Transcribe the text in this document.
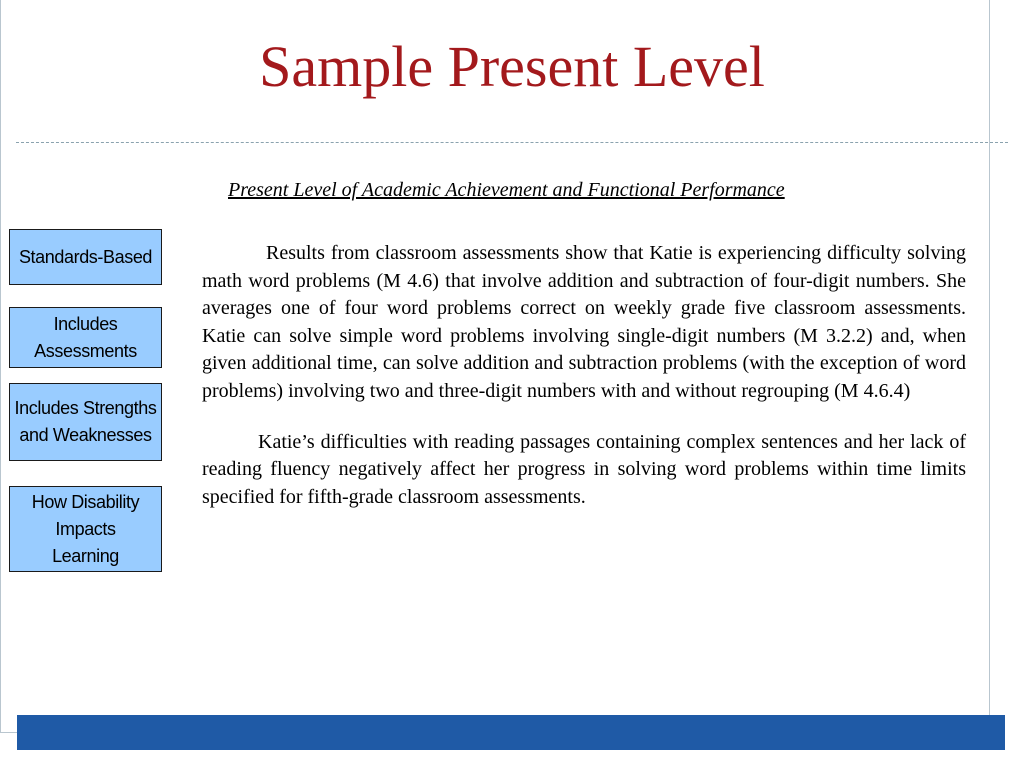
Sample Present Level
Present Level of Academic Achievement and Functional Performance

Results from classroom assessments show that Katie is experiencing difficulty solving math word problems (M 4.6) that involve addition and subtraction of four-digit numbers. She averages one of four word problems correct on weekly grade five classroom assessments. Katie can solve simple word problems involving single-digit numbers (M 3.2.2) and, when given additional time, can solve addition and subtraction problems (with the exception of word problems) involving two and three-digit numbers with and without regrouping (M 4.6.4)

Katie’s difficulties with reading passages containing complex sentences and her lack of reading fluency negatively affect her progress in solving word problems within time limits specified for fifth-grade classroom assessments.

Standards-Based
Includes
Assessments
Includes Strengths
and Weaknesses
How Disability
Impacts
Learning
